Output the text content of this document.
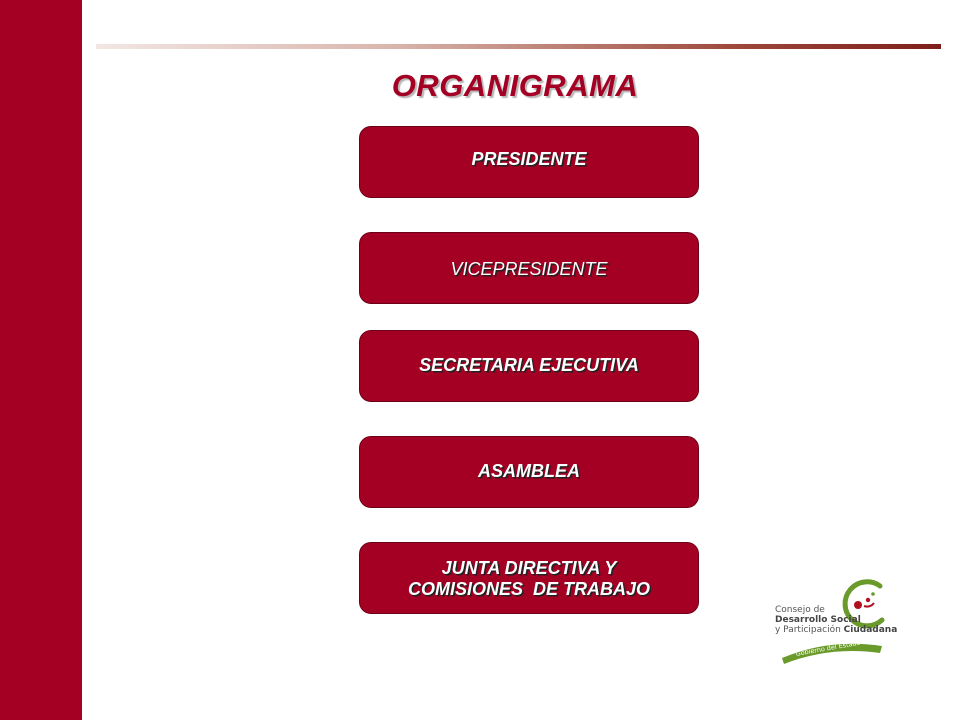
ORGANIGRAMA
PRESIDENTE
VICEPRESIDENTE
SECRETARIA EJECUTIVA
ASAMBLEA
JUNTA DIRECTIVA Y
COMISIONES  DE TRABAJO
Gobierno del Estado
Consejo de
Desarrollo Social
y Participación Ciudadana
